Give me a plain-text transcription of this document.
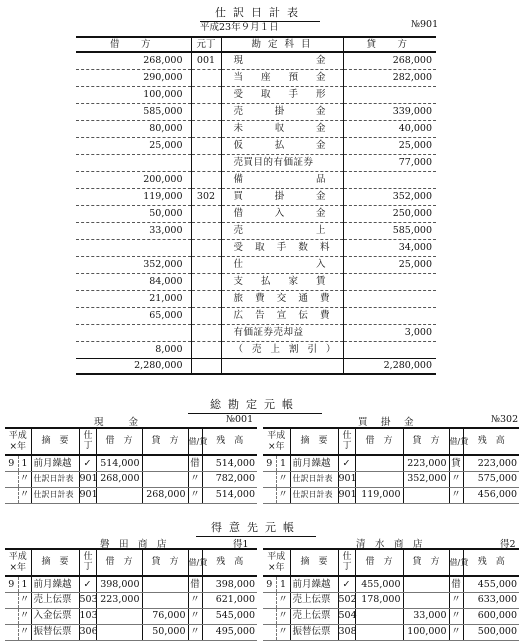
仕訳日計表
平成23年９月１日	№901
借　方	元丁	勘 定 科 目	貸　方
268,000	001	現 金	268,000
290,000		当 座 預 金	282,000
100,000		受 取 手 形	

585,000		売 掛 金	339,000
80,000		未 収 金	40,000
25,000		仮 払 金	25,000
		売買目的有価証券	77,000
200,000		備 品	

119,000	302	買 掛 金	352,000
50,000		借 入 金	250,000
33,000		売 上	585,000

		受 取 手 数 料	34,000
352,000		仕 入	25,000
84,000		支 払 家 賃	

21,000		旅 費 交 通 費	

65,000		広 告 宣 伝 費	

		有価証券売却益	3,000
8,000		（売上割引）	
2,280,000			2,280,000
総勘定元帳
現　　金	№001
平成
×年		摘　要	仕丁	借　方	貸　方	借/貸	残　高
9	1	前月繰越	✓	514,000		借	514,000
	〃	仕訳日計表	901	268,000		〃	782,000
	〃	仕訳日計表	901		268,000	〃	514,000
買　掛　金	№302
平成
×年		摘　要	仕丁	借　方	貸　方	借/貸	残　高
9	1	前月繰越	✓		223,000	貸	223,000
	〃	仕訳日計表	901		352,000	〃	575,000
	〃	仕訳日計表	901	119,000		〃	456,000
得意先元帳
磐　田　商　店	得1
平成
×年		摘　要	仕丁	借　方	貸　方	借/貸	残　高
9	1	前月繰越	✓	398,000		借	398,000
	〃	売上伝票	503	223,000		〃	621,000
	〃	入金伝票	103		76,000	〃	545,000
	〃	振替伝票	306		50,000	〃	495,000
清　水　商　店	得2
平成
×年		摘　要	仕丁	借　方	貸　方	借/貸	残　高
9	1	前月繰越	✓	455,000		借	455,000
	〃	売上伝票	502	178,000		〃	633,000
	〃	売上伝票	504		33,000	〃	600,000
	〃	振替伝票	308		100,000	〃	500,000
